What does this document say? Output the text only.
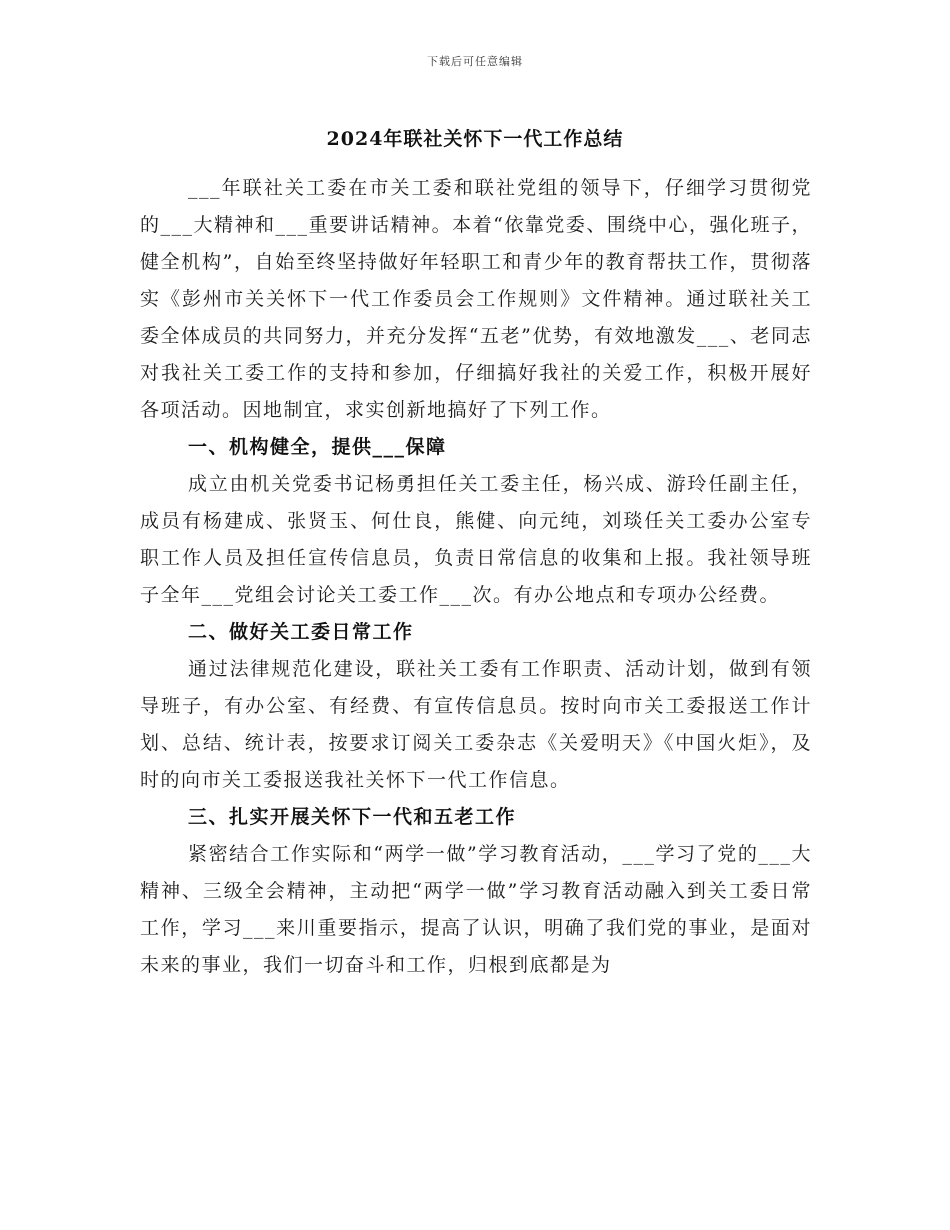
下载后可任意编辑
2024年联社关怀下一代工作总结

___年联社关工委在市关工委和联社党组的领导下，仔细学习贯彻党的___大精神和___重要讲话精神。本着“依靠党委、围绕中心，强化班子，健全机构”，自始至终坚持做好年轻职工和青少年的教育帮扶工作，贯彻落实《彭州市关关怀下一代工作委员会工作规则》文件精神。通过联社关工委全体成员的共同努力，并充分发挥“五老”优势，有效地激发___、老同志对我社关工委工作的支持和参加，仔细搞好我社的关爱工作，积极开展好各项活动。因地制宜，求实创新地搞好了下列工作。

一、机构健全，提供___保障

成立由机关党委书记杨勇担任关工委主任，杨兴成、游玲任副主任，成员有杨建成、张贤玉、何仕良，熊健、向元纯，刘琰任关工委办公室专职工作人员及担任宣传信息员，负责日常信息的收集和上报。我社领导班子全年___党组会讨论关工委工作___次。有办公地点和专项办公经费。

二、做好关工委日常工作

通过法律规范化建设，联社关工委有工作职责、活动计划，做到有领导班子，有办公室、有经费、有宣传信息员。按时向市关工委报送工作计划、总结、统计表，按要求订阅关工委杂志《关爱明天》《中国火炬》，及时的向市关工委报送我社关怀下一代工作信息。

三、扎实开展关怀下一代和五老工作

紧密结合工作实际和“两学一做”学习教育活动，___学习了党的___大精神、三级全会精神，主动把“两学一做”学习教育活动融入到关工委日常工作，学习___来川重要指示，提高了认识，明确了我们党的事业，是面对未来的事业，我们一切奋斗和工作，归根到底都是为
